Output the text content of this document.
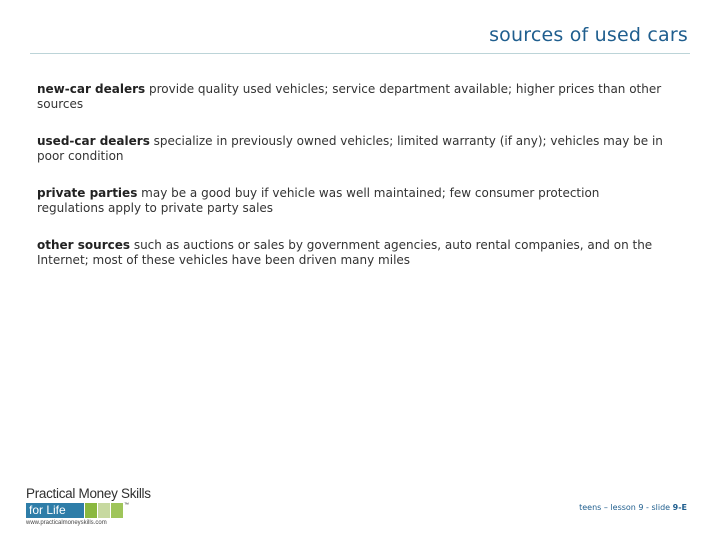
sources of used cars

new-car dealers provide quality used vehicles; service department available; higher prices than other sources

used-car dealers specialize in previously owned vehicles; limited warranty (if any); vehicles may be in poor condition

private parties may be a good buy if vehicle was well maintained; few consumer protection regulations apply to private party sales

other sources such as auctions or sales by government agencies, auto rental companies, and on the Internet; most of these vehicles have been driven many miles

Practical Money Skills
for Life	™
www.practicalmoneyskills.com
teens – lesson 9 - slide 9-E
